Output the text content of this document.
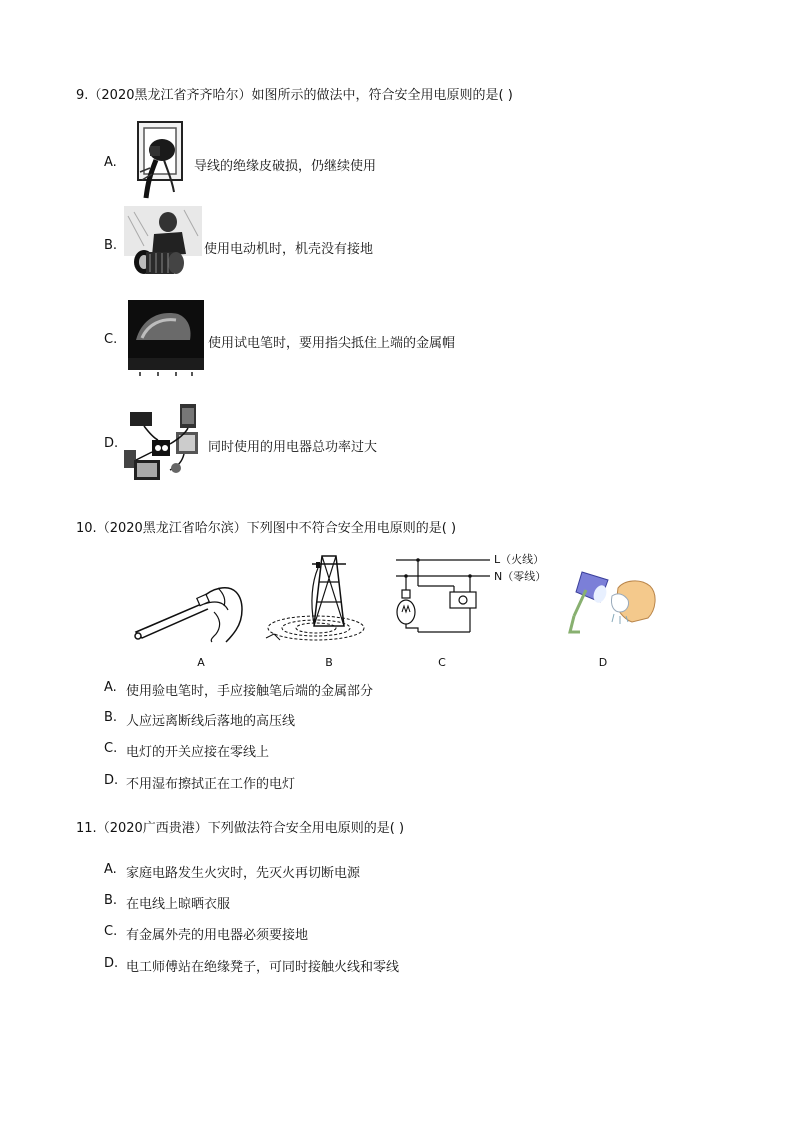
9.（2020黑龙江省齐齐哈尔）如图所示的做法中，符合安全用电原则的是( )
A.	导线的绝缘皮破损，仍继续使用
B.	使用电动机时，机壳没有接地
C.	使用试电笔时，要用指尖抵住上端的金属帽
D.	同时使用的用电器总功率过大
10.（2020黑龙江省哈尔滨）下列图中不符合安全用电原则的是( )
A	B
L（火线）
N（零线）
C	D
A. 使用验电笔时，手应接触笔后端的金属部分
B. 人应远离断线后落地的高压线
C. 电灯的开关应接在零线上
D. 不用湿布擦拭正在工作的电灯
11.（2020广西贵港）下列做法符合安全用电原则的是( )
A. 家庭电路发生火灾时，先灭火再切断电源
B. 在电线上晾晒衣服
C. 有金属外壳的用电器必须要接地
D. 电工师傅站在绝缘凳子，可同时接触火线和零线
